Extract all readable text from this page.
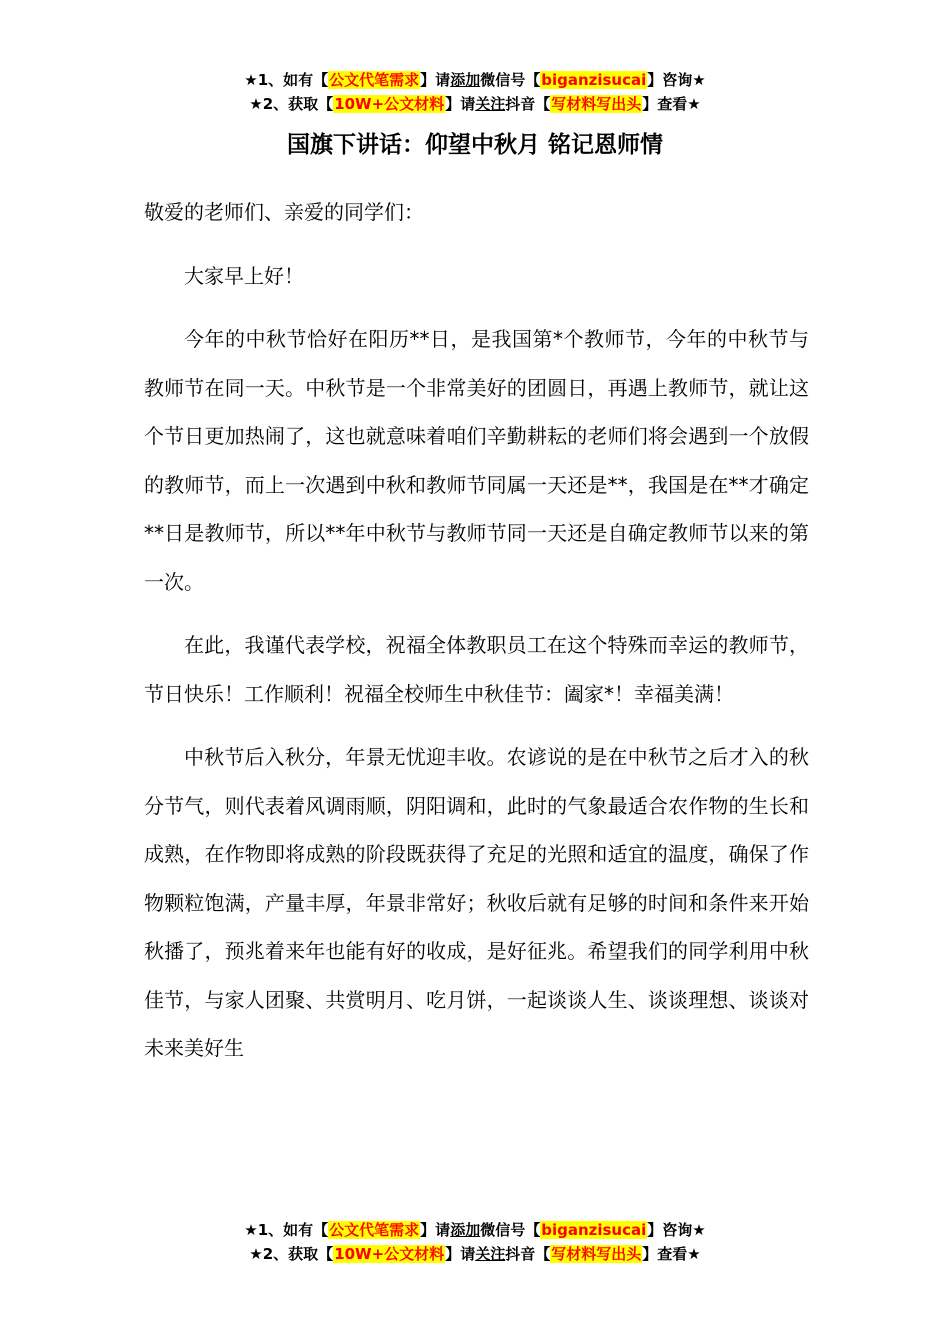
★1、如有【公文代笔需求】请添加微信号【biganzisucai】咨询★
★2、获取【10W+公文材料】请关注抖音【写材料写出头】查看★
国旗下讲话：仰望中秋月 铭记恩师情

敬爱的老师们、亲爱的同学们：

大家早上好！

今年的中秋节恰好在阳历**日，是我国第*个教师节，今年的中秋节与教师节在同一天。中秋节是一个非常美好的团圆日，再遇上教师节，就让这个节日更加热闹了，这也就意味着咱们辛勤耕耘的老师们将会遇到一个放假的教师节，而上一次遇到中秋和教师节同属一天还是**，我国是在**才确定**日是教师节，所以**年中秋节与教师节同一天还是自确定教师节以来的第一次。

在此，我谨代表学校，祝福全体教职员工在这个特殊而幸运的教师节，节日快乐！工作顺利！祝福全校师生中秋佳节：阖家*！幸福美满！

中秋节后入秋分，年景无忧迎丰收。农谚说的是在中秋节之后才入的秋分节气，则代表着风调雨顺，阴阳调和，此时的气象最适合农作物的生长和成熟，在作物即将成熟的阶段既获得了充足的光照和适宜的温度，确保了作物颗粒饱满，产量丰厚，年景非常好；秋收后就有足够的时间和条件来开始秋播了，预兆着来年也能有好的收成，是好征兆。希望我们的同学利用中秋佳节，与家人团聚、共赏明月、吃月饼，一起谈谈人生、谈谈理想、谈谈对未来美好生

★1、如有【公文代笔需求】请添加微信号【biganzisucai】咨询★
★2、获取【10W+公文材料】请关注抖音【写材料写出头】查看★
